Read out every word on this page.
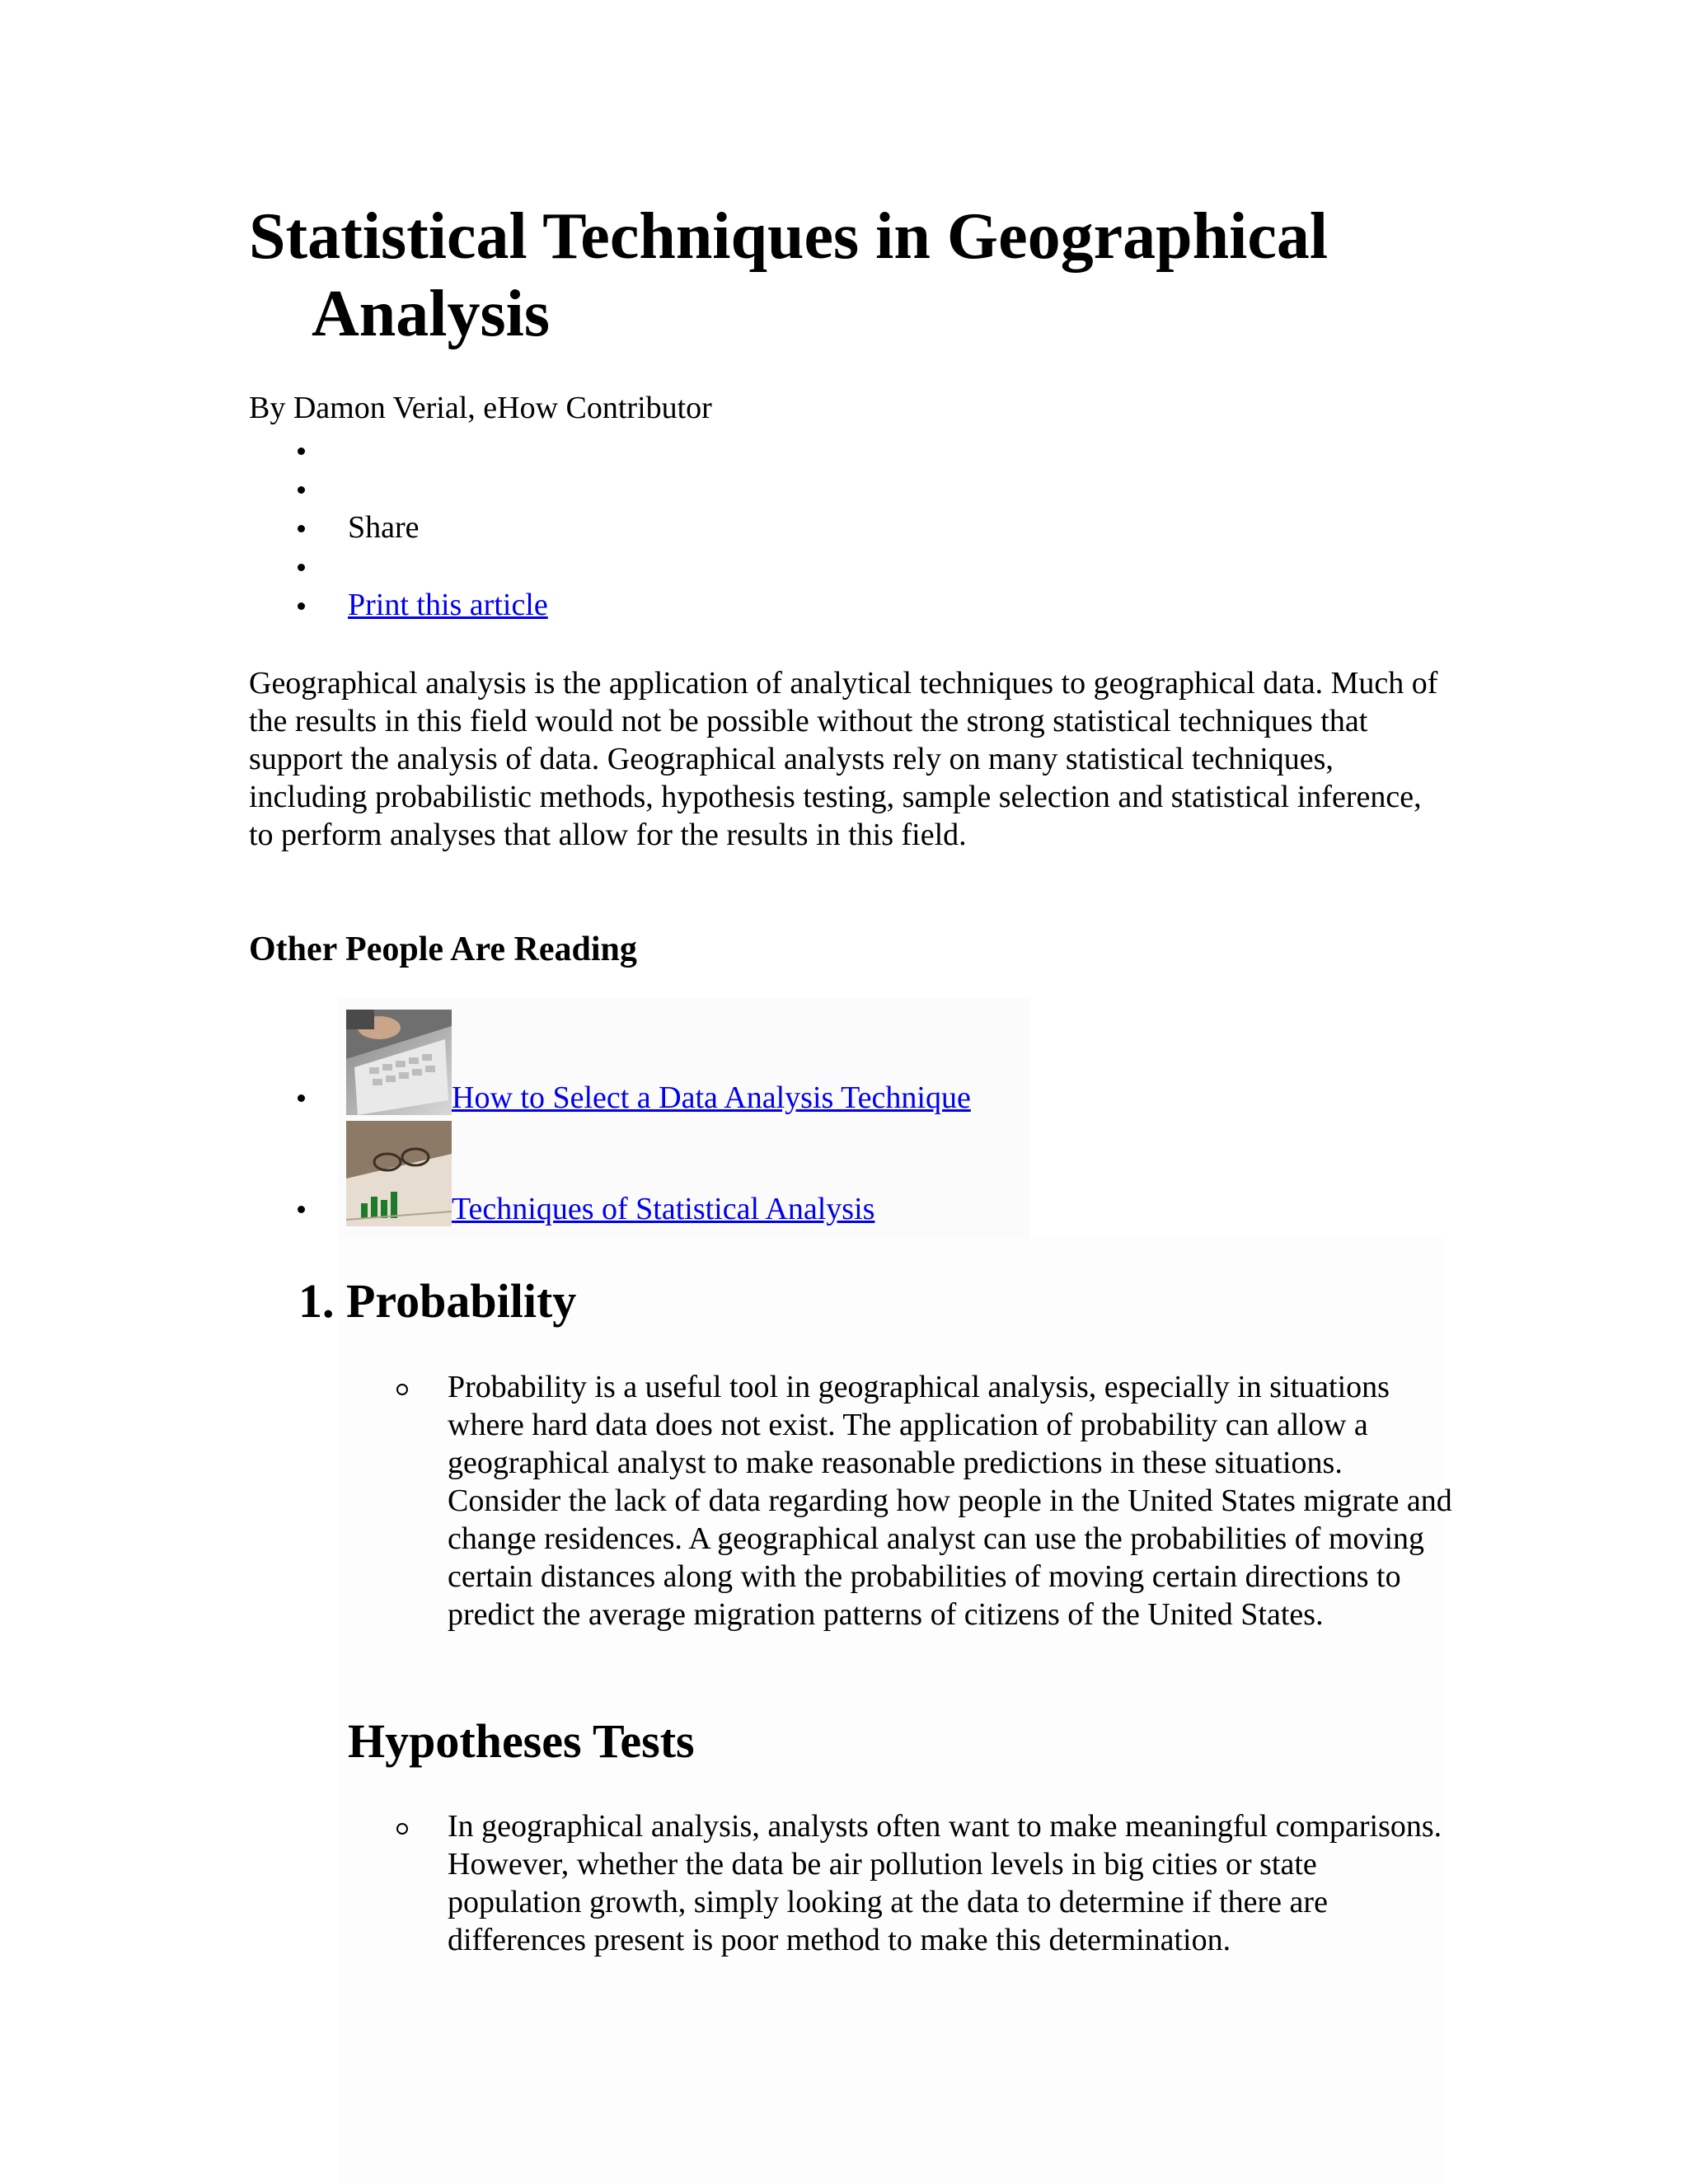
Statistical Techniques in Geographical Analysis

By Damon Verial, eHow Contributor

Share
Print this article

Geographical analysis is the application of analytical techniques to geographical data. Much of the results in this field would not be possible without the strong statistical techniques that support the analysis of data. Geographical analysts rely on many statistical techniques, including probabilistic methods, hypothesis testing, sample selection and statistical inference, to perform analyses that allow for the results in this field.

Other People Are Reading
How to Select a Data Analysis Technique
Techniques of Statistical Analysis
1. Probability

Probability is a useful tool in geographical analysis, especially in situations where hard data does not exist. The application of probability can allow a geographical analyst to make reasonable predictions in these situations. Consider the lack of data regarding how people in the United States migrate and change residences. A geographical analyst can use the probabilities of moving certain distances along with the probabilities of moving certain directions to predict the average migration patterns of citizens of the United States.

Hypotheses Tests

In geographical analysis, analysts often want to make meaningful comparisons. However, whether the data be air pollution levels in big cities or state population growth, simply looking at the data to determine if there are differences present is poor method to make this determination.
